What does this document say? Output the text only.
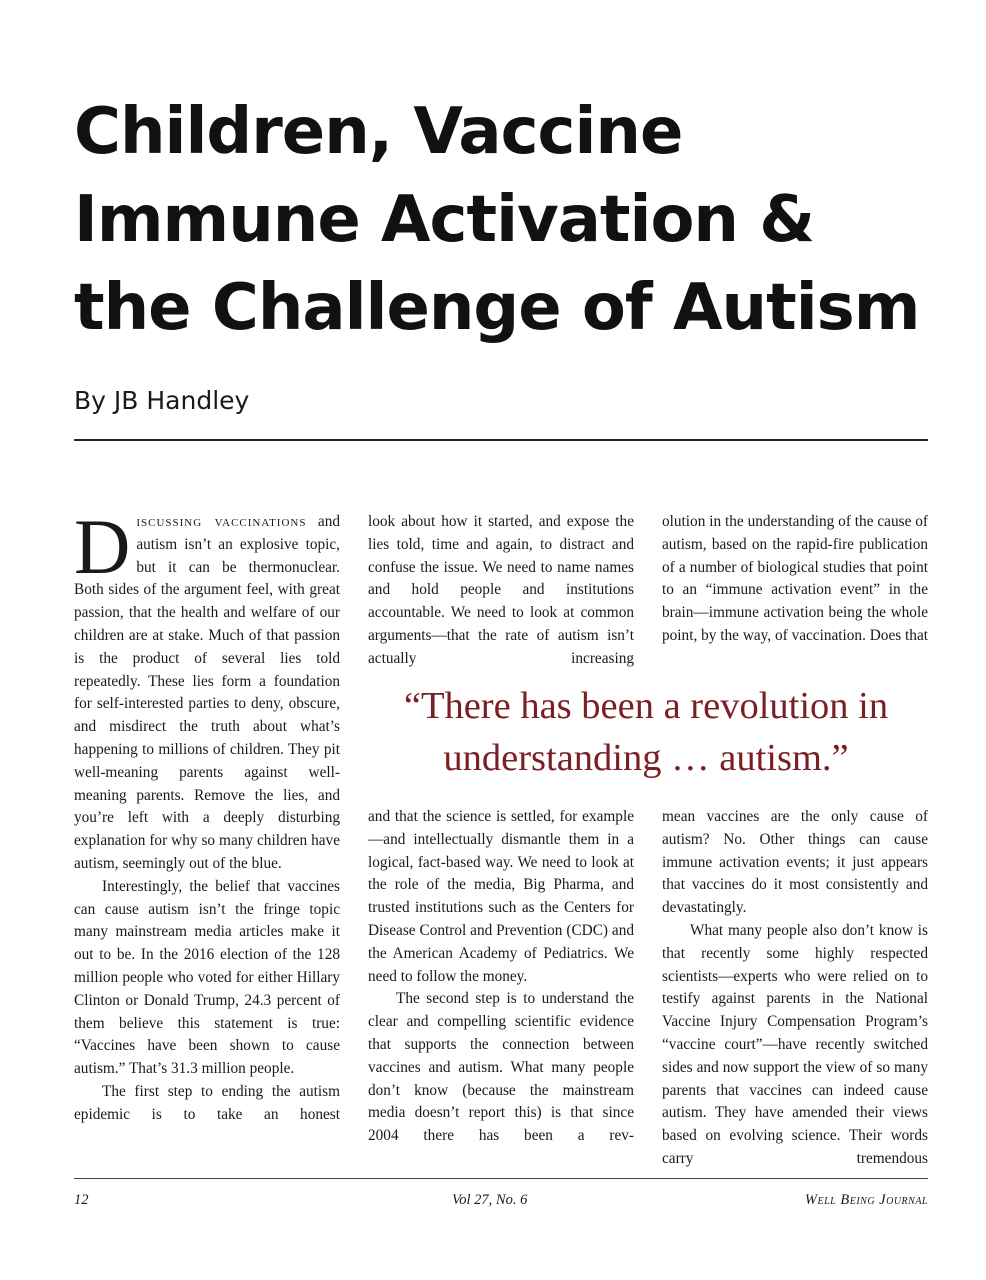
Children, Vaccine
Immune Activation &
the Challenge of Autism
By JB Handley

Discussing vaccinations and autism isn’t an explosive topic, but it can be thermonuclear. Both sides of the argument feel, with great passion, that the health and welfare of our children are at stake. Much of that passion is the product of several lies told repeatedly. These lies form a foundation for self-interested parties to deny, obscure, and misdirect the truth about what’s happening to millions of children. They pit well-meaning parents against well-meaning parents. Remove the lies, and you’re left with a deeply disturbing explanation for why so many children have autism, seemingly out of the blue.

Interestingly, the belief that vaccines can cause autism isn’t the fringe topic many mainstream media articles make it out to be. In the 2016 election of the 128 million people who voted for either Hillary Clinton or Donald Trump, 24.3 percent of them believe this statement is true: “Vaccines have been shown to cause autism.” That’s 31.3 million people.

The first step to ending the autism epidemic is to take an honest

look about how it started, and expose the lies told, time and again, to distract and confuse the issue. We need to name names and hold people and institutions accountable. We need to look at common arguments—that the rate of autism isn’t actually increasing

olution in the understanding of the cause of autism, based on the rapid-fire publication of a number of biological studies that point to an “immune activation event” in the brain—immune activation being the whole point, by the way, of vaccination. Does that

“There has been a revolution in
understanding … autism.”

and that the science is settled, for example—and intellectually dismantle them in a logical, fact-based way. We need to look at the role of the media, Big Pharma, and trusted institutions such as the Centers for Disease Control and Prevention (CDC) and the American Academy of Pediatrics. We need to follow the money.

The second step is to understand the clear and compelling scientific evidence that supports the connection between vaccines and autism. What many people don’t know (because the mainstream media doesn’t report this) is that since 2004 there has been a rev-

mean vaccines are the only cause of autism? No. Other things can cause immune activation events; it just appears that vaccines do it most consistently and devastatingly.

What many people also don’t know is that recently some highly respected scientists—experts who were relied on to testify against parents in the National Vaccine Injury Compensation Program’s “vaccine court”—have recently switched sides and now support the view of so many parents that vaccines can indeed cause autism. They have amended their views based on evolving science. Their words carry tremendous

12	Vol 27, No. 6	Well Being Journal
